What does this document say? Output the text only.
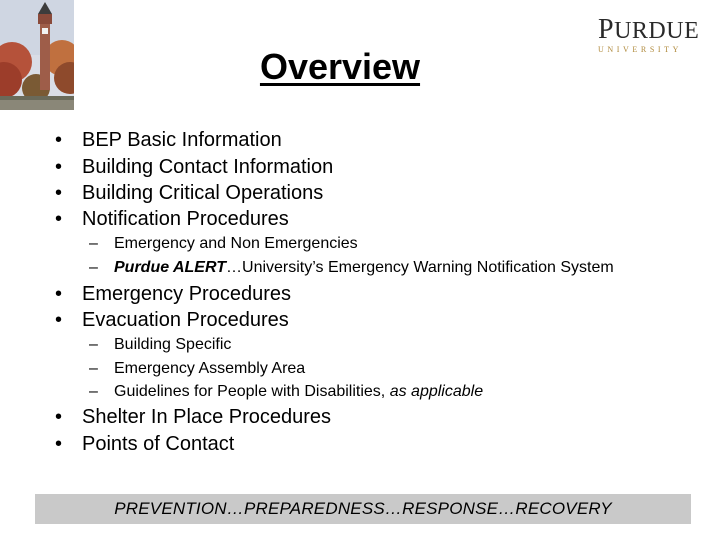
PURDUE
UNIVERSITY
Overview
• BEP Basic Information
• Building Contact Information
• Building Critical Operations
• Notification Procedures
– Emergency and Non Emergencies
– Purdue ALERT…University’s Emergency Warning Notification System
• Emergency Procedures
• Evacuation Procedures
– Building Specific
– Emergency Assembly Area
– Guidelines for People with Disabilities, as applicable
• Shelter In Place Procedures
• Points of Contact
PREVENTION…PREPAREDNESS…RESPONSE…RECOVERY
